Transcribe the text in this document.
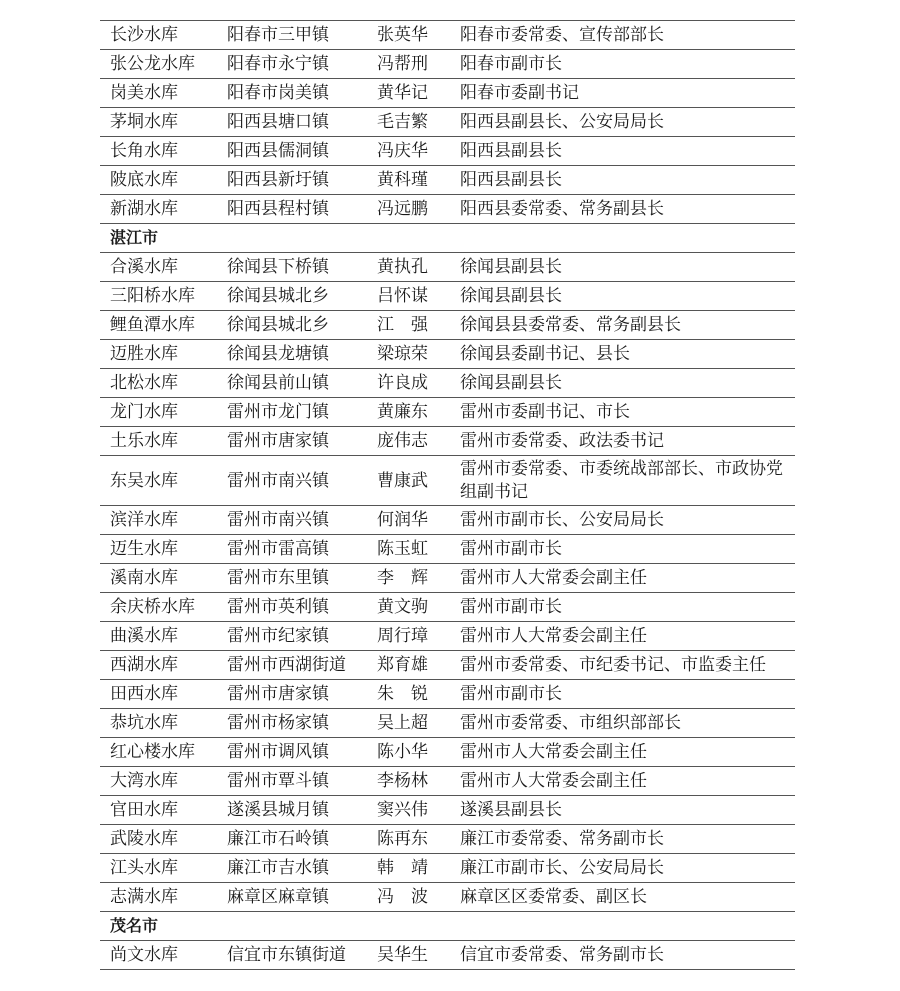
长沙水库	阳春市三甲镇	张英华	阳春市委常委、宣传部部长
张公龙水库	阳春市永宁镇	冯帮刑	阳春市副市长
岗美水库	阳春市岗美镇	黄华记	阳春市委副书记
茅垌水库	阳西县塘口镇	毛吉繁	阳西县副县长、公安局局长
长角水库	阳西县儒洞镇	冯庆华	阳西县副县长
陂底水库	阳西县新圩镇	黄科瑾	阳西县副县长
新湖水库	阳西县程村镇	冯远鹏	阳西县委常委、常务副县长
湛江市			
合溪水库	徐闻县下桥镇	黄执孔	徐闻县副县长
三阳桥水库	徐闻县城北乡	吕怀谋	徐闻县副县长
鲤鱼潭水库	徐闻县城北乡	江　强	徐闻县县委常委、常务副县长
迈胜水库	徐闻县龙塘镇	梁琼荣	徐闻县委副书记、县长
北松水库	徐闻县前山镇	许良成	徐闻县副县长
龙门水库	雷州市龙门镇	黄廉东	雷州市委副书记、市长
土乐水库	雷州市唐家镇	庞伟志	雷州市委常委、政法委书记
东吴水库	雷州市南兴镇	曹康武	雷州市委常委、市委统战部部长、市政协党组副书记
滨洋水库	雷州市南兴镇	何润华	雷州市副市长、公安局局长
迈生水库	雷州市雷高镇	陈玉虹	雷州市副市长
溪南水库	雷州市东里镇	李　辉	雷州市人大常委会副主任
余庆桥水库	雷州市英利镇	黄文驹	雷州市副市长
曲溪水库	雷州市纪家镇	周行璋	雷州市人大常委会副主任
西湖水库	雷州市西湖街道	郑育雄	雷州市委常委、市纪委书记、市监委主任
田西水库	雷州市唐家镇	朱　锐	雷州市副市长
恭坑水库	雷州市杨家镇	吴上超	雷州市委常委、市组织部部长
红心楼水库	雷州市调风镇	陈小华	雷州市人大常委会副主任
大湾水库	雷州市覃斗镇	李杨林	雷州市人大常委会副主任
官田水库	遂溪县城月镇	窦兴伟	遂溪县副县长
武陵水库	廉江市石岭镇	陈再东	廉江市委常委、常务副市长
江头水库	廉江市吉水镇	韩　靖	廉江市副市长、公安局局长
志满水库	麻章区麻章镇	冯　波	麻章区区委常委、副区长
茂名市			
尚文水库	信宜市东镇街道	吴华生	信宜市委常委、常务副市长
